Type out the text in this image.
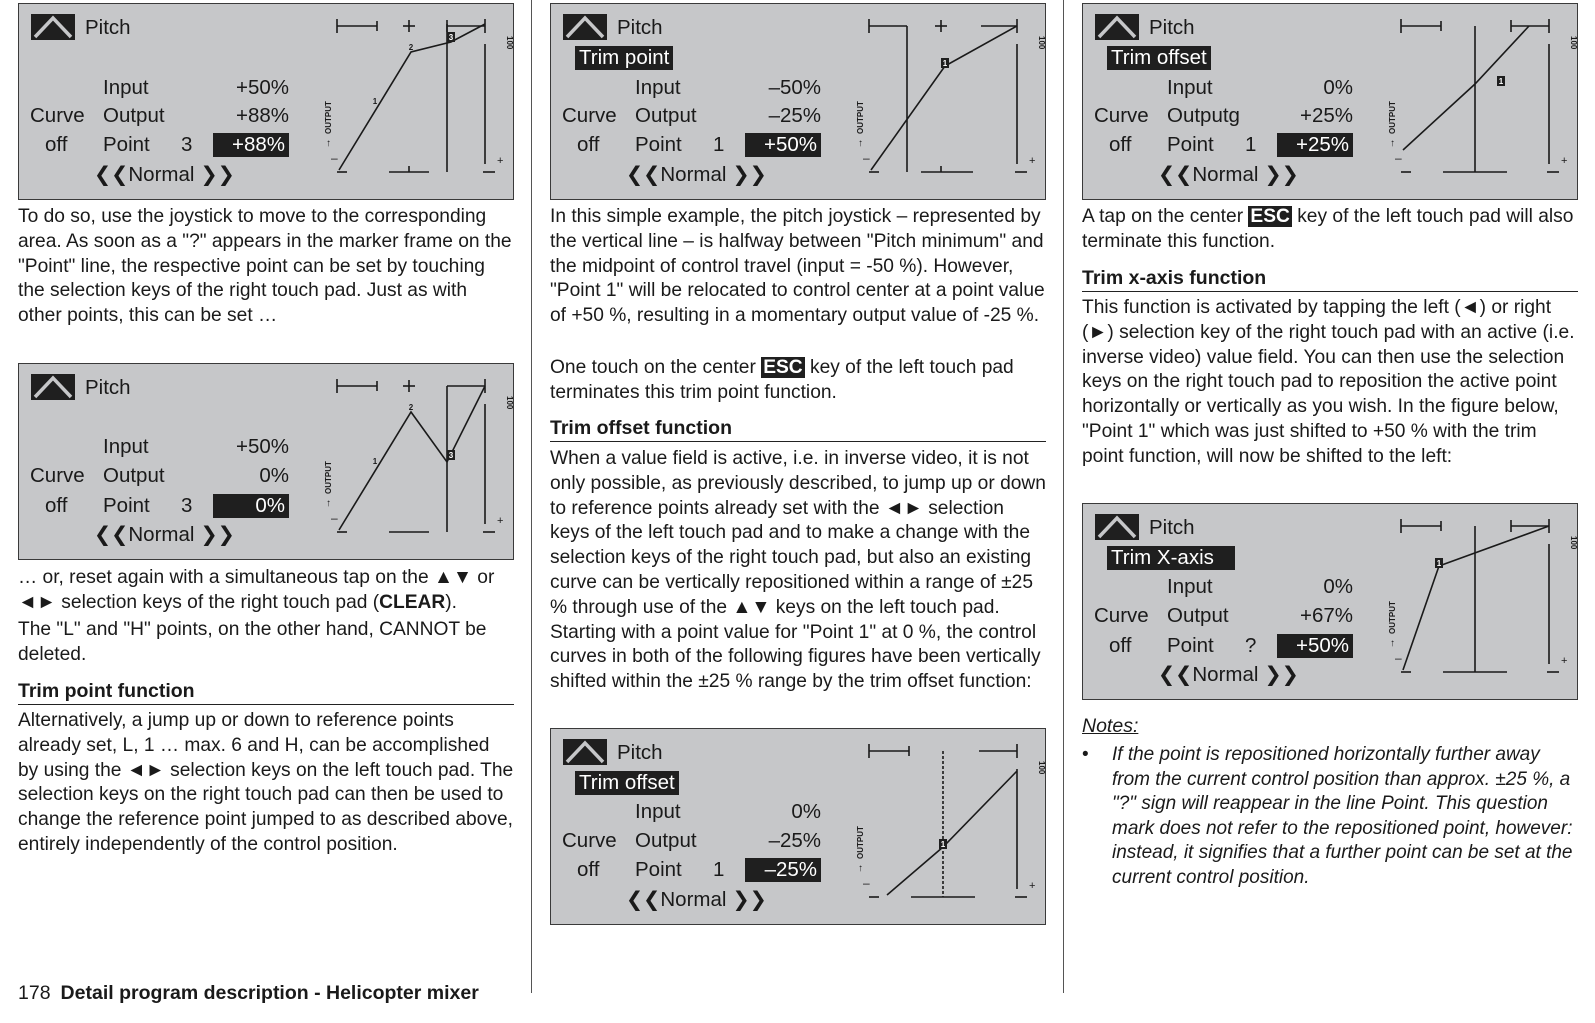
Pitch
Input	+50%
Curve Output	+88%
off Point 3	+88%
❮❮Normal ❯❯
OUTPUT
↑
100
–	+
1
2
3
To do so, use the joystick to move to the corresponding area. As soon as a "?" appears in the marker frame on the "Point" line, the respective point can be set by touching the selection keys of the right touch pad. Just as with other points, this can be set …
Pitch
Input	+50%
Curve Output	0%
off Point 3	0%
❮❮Normal ❯❯
OUTPUT
↑
100
–	+
1
2
3
… or, reset again with a simultaneous tap on the ▲▼ or ◄► selection keys of the right touch pad (CLEAR).
The "L" and "H" points, on the other hand, CANNOT be deleted.
Trim point function
Alternatively, a jump up or down to reference points already set, L, 1 … max. 6 and H, can be accomplished by using the ◄► selection keys on the left touch pad. The selection keys on the right touch pad can then be used to change the reference point jumped to as described above, entirely independently of the control position.
Pitch
Trim point
Input	–50%
Curve Output	–25%
off Point 1	+50%
❮❮Normal ❯❯
OUTPUT
↑
100
–	+
1
In this simple example, the pitch joystick – represented by the vertical line – is halfway between "Pitch minimum" and the midpoint of control travel (input = -50 %). However, "Point 1" will be relocated to control center at a point value of +50 %, resulting in a momentary output value of -25 %.
One touch on the center ESC key of the left touch pad terminates this trim point function.
Trim offset function
When a value field is active, i.e. in inverse video, it is not only possible, as previously described, to jump up or down to reference points already set with the ◄► selection keys of the left touch pad and to make a change with the selection keys of the right touch pad, but also an existing curve can be vertically repositioned within a range of ±25 % through use of the ▲▼ keys on the left touch pad. Starting with a point value for "Point 1" at 0 %, the control curves in both of the following figures have been vertically shifted within the ±25 % range by the trim offset function:
Pitch
Trim offset
Input	0%
Curve Output	–25%
off Point 1	–25%
❮❮Normal ❯❯
OUTPUT
↑
100
–	+
1
Pitch
Trim offset
Input	0%
Curve Outputg	+25%
off Point 1	+25%
❮❮Normal ❯❯
OUTPUT
↑
100
–	+
1
A tap on the center ESC key of the left touch pad will also terminate this function.
Trim x-axis function
This function is activated by tapping the left (◄) or right (►) selection key of the right touch pad with an active (i.e. inverse video) value field. You can then use the selection keys on the right touch pad to reposition the active point horizontally or vertically as you wish. In the figure below, "Point 1" which was just shifted to +50 % with the trim point function, will now be shifted to the left:
Pitch
Trim X-axis
Input	0%
Curve Output	+67%
off Point ?	+50%
❮❮Normal ❯❯
OUTPUT
↑
100
–	+
1
Notes:
• If the point is repositioned horizontally further away from the current control position than approx. ±25 %, a "?" sign will reappear in the line Point. This question mark does not refer to the repositioned point, however: instead, it signifies that a further point can be set at the current control position.
178 Detail program description - Helicopter mixer
